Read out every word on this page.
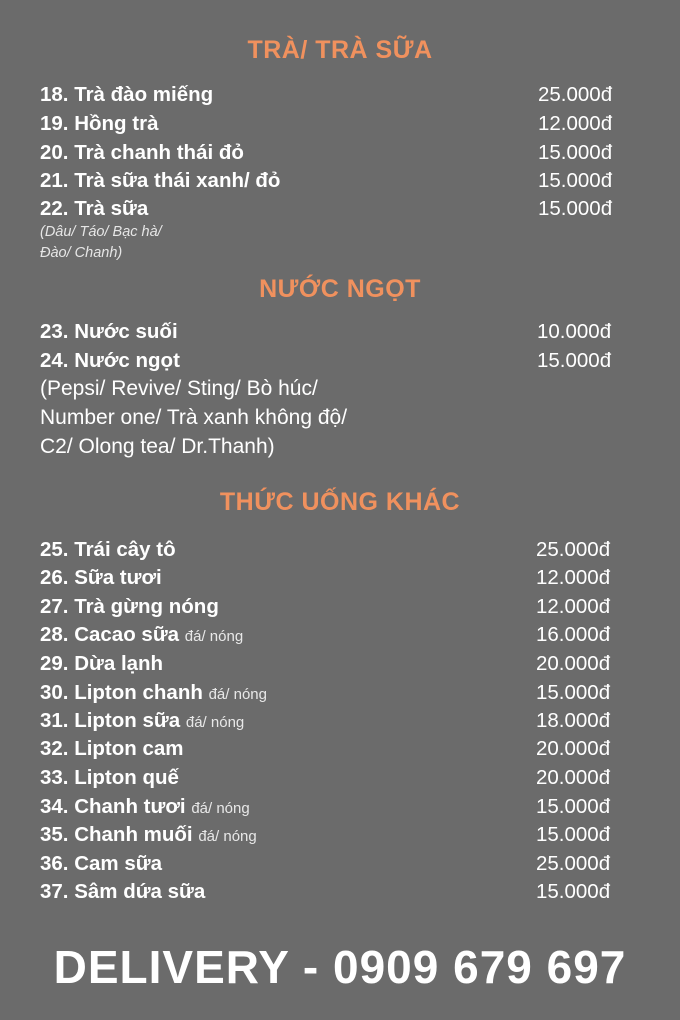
TRÀ/ TRÀ SỮA
18. Trà đào miếng	25.000đ
19. Hồng trà	12.000đ
20. Trà chanh thái đỏ	15.000đ
21. Trà sữa thái xanh/ đỏ	15.000đ
22. Trà sữa	15.000đ
(Dâu/ Táo/ Bạc hà/
Đào/ Chanh)
NƯỚC NGỌT
23. Nước suối	10.000đ
24. Nước ngọt	15.000đ
(Pepsi/ Revive/ Sting/ Bò húc/
Number one/ Trà xanh không độ/
C2/ Olong tea/ Dr.Thanh)
THỨC UỐNG KHÁC
25. Trái cây tô	25.000đ
26. Sữa tươi	12.000đ
27. Trà gừng nóng	12.000đ
28. Cacao sữa đá/ nóng	16.000đ
29. Dừa lạnh	20.000đ
30. Lipton chanh đá/ nóng	15.000đ
31. Lipton sữa đá/ nóng	18.000đ
32. Lipton cam	20.000đ
33. Lipton quế	20.000đ
34. Chanh tươi đá/ nóng	15.000đ
35. Chanh muối đá/ nóng	15.000đ
36. Cam sữa	25.000đ
37. Sâm dứa sữa	15.000đ
DELIVERY - 0909 679 697
